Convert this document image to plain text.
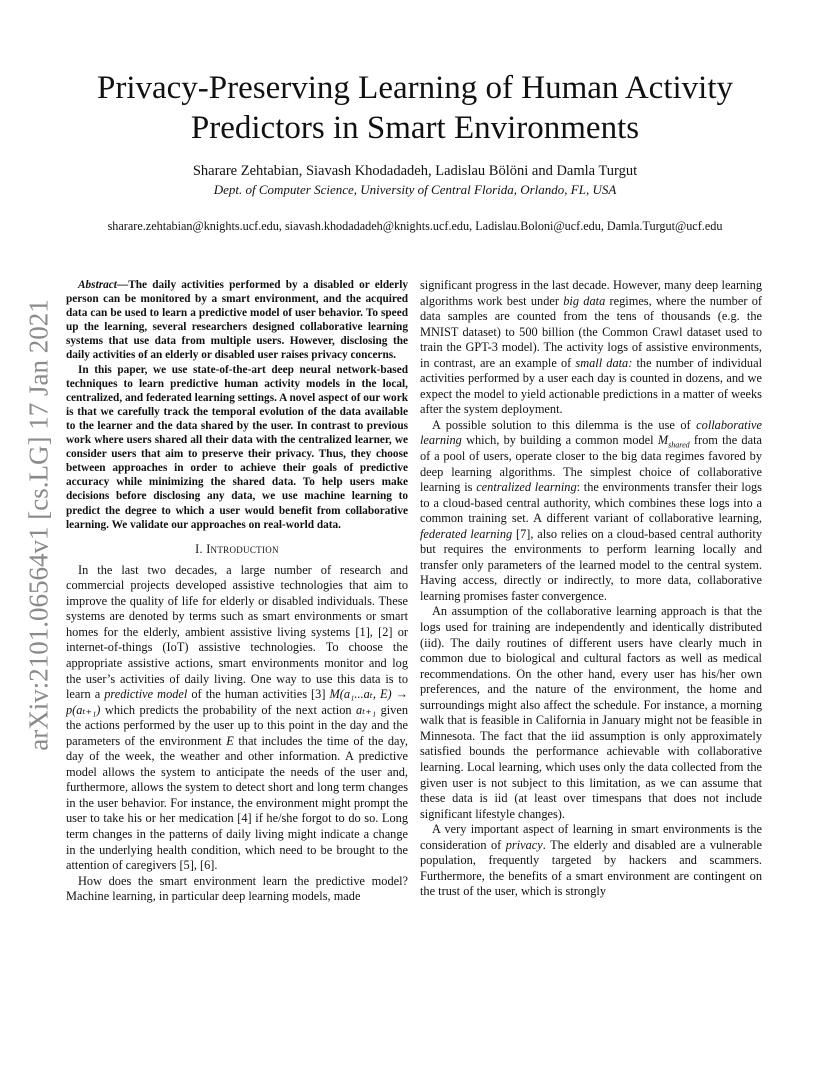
arXiv:2101.06564v1 [cs.LG] 17 Jan 2021
Privacy-Preserving Learning of Human Activity
Predictors in Smart Environments
Sharare Zehtabian, Siavash Khodadadeh, Ladislau Bölöni and Damla Turgut
Dept. of Computer Science, University of Central Florida, Orlando, FL, USA
sharare.zehtabian@knights.ucf.edu, siavash.khodadadeh@knights.ucf.edu, Ladislau.Boloni@ucf.edu, Damla.Turgut@ucf.edu

Abstract—The daily activities performed by a disabled or elderly person can be monitored by a smart environment, and the acquired data can be used to learn a predictive model of user behavior. To speed up the learning, several researchers designed collaborative learning systems that use data from multiple users. However, disclosing the daily activities of an elderly or disabled user raises privacy concerns.

In this paper, we use state-of-the-art deep neural network-based techniques to learn predictive human activity models in the local, centralized, and federated learning settings. A novel aspect of our work is that we carefully track the temporal evolution of the data available to the learner and the data shared by the user. In contrast to previous work where users shared all their data with the centralized learner, we consider users that aim to preserve their privacy. Thus, they choose between approaches in order to achieve their goals of predictive accuracy while minimizing the shared data. To help users make decisions before disclosing any data, we use machine learning to predict the degree to which a user would benefit from collaborative learning. We validate our approaches on real-world data.

I. Introduction

In the last two decades, a large number of research and commercial projects developed assistive technologies that aim to improve the quality of life for elderly or disabled individuals. These systems are denoted by terms such as smart environments or smart homes for the elderly, ambient assistive living systems [1], [2] or internet-of-things (IoT) assistive technologies. To choose the appropriate assistive actions, smart environments monitor and log the user’s activities of daily living. One way to use this data is to learn a predictive model of the human activities [3] M(a₁...aₜ, E) → p(aₜ₊₁) which predicts the probability of the next action aₜ₊₁ given the actions performed by the user up to this point in the day and the parameters of the environment E that includes the time of the day, day of the week, the weather and other information. A predictive model allows the system to anticipate the needs of the user and, furthermore, allows the system to detect short and long term changes in the user behavior. For instance, the environment might prompt the user to take his or her medication [4] if he/she forgot to do so. Long term changes in the patterns of daily living might indicate a change in the underlying health condition, which need to be brought to the attention of caregivers [5], [6].

How does the smart environment learn the predictive model? Machine learning, in particular deep learning models, made

significant progress in the last decade. However, many deep learning algorithms work best under big data regimes, where the number of data samples are counted from the tens of thousands (e.g. the MNIST dataset) to 500 billion (the Common Crawl dataset used to train the GPT-3 model). The activity logs of assistive environments, in contrast, are an example of small data: the number of individual activities performed by a user each day is counted in dozens, and we expect the model to yield actionable predictions in a matter of weeks after the system deployment.

A possible solution to this dilemma is the use of collaborative learning which, by building a common model $M_{shared}$ from the data of a pool of users, operate closer to the big data regimes favored by deep learning algorithms. The simplest choice of collaborative learning is centralized learning: the environments transfer their logs to a cloud-based central authority, which combines these logs into a common training set. A different variant of collaborative learning, federated learning [7], also relies on a cloud-based central authority but requires the environments to perform learning locally and transfer only parameters of the learned model to the central system. Having access, directly or indirectly, to more data, collaborative learning promises faster convergence.

An assumption of the collaborative learning approach is that the logs used for training are independently and identically distributed (iid). The daily routines of different users have clearly much in common due to biological and cultural factors as well as medical recommendations. On the other hand, every user has his/her own preferences, and the nature of the environment, the home and surroundings might also affect the schedule. For instance, a morning walk that is feasible in California in January might not be feasible in Minnesota. The fact that the iid assumption is only approximately satisfied bounds the performance achievable with collaborative learning. Local learning, which uses only the data collected from the given user is not subject to this limitation, as we can assume that these data is iid (at least over timespans that does not include significant lifestyle changes).

A very important aspect of learning in smart environments is the consideration of privacy. The elderly and disabled are a vulnerable population, frequently targeted by hackers and scammers. Furthermore, the benefits of a smart environment are contingent on the trust of the user, which is strongly
